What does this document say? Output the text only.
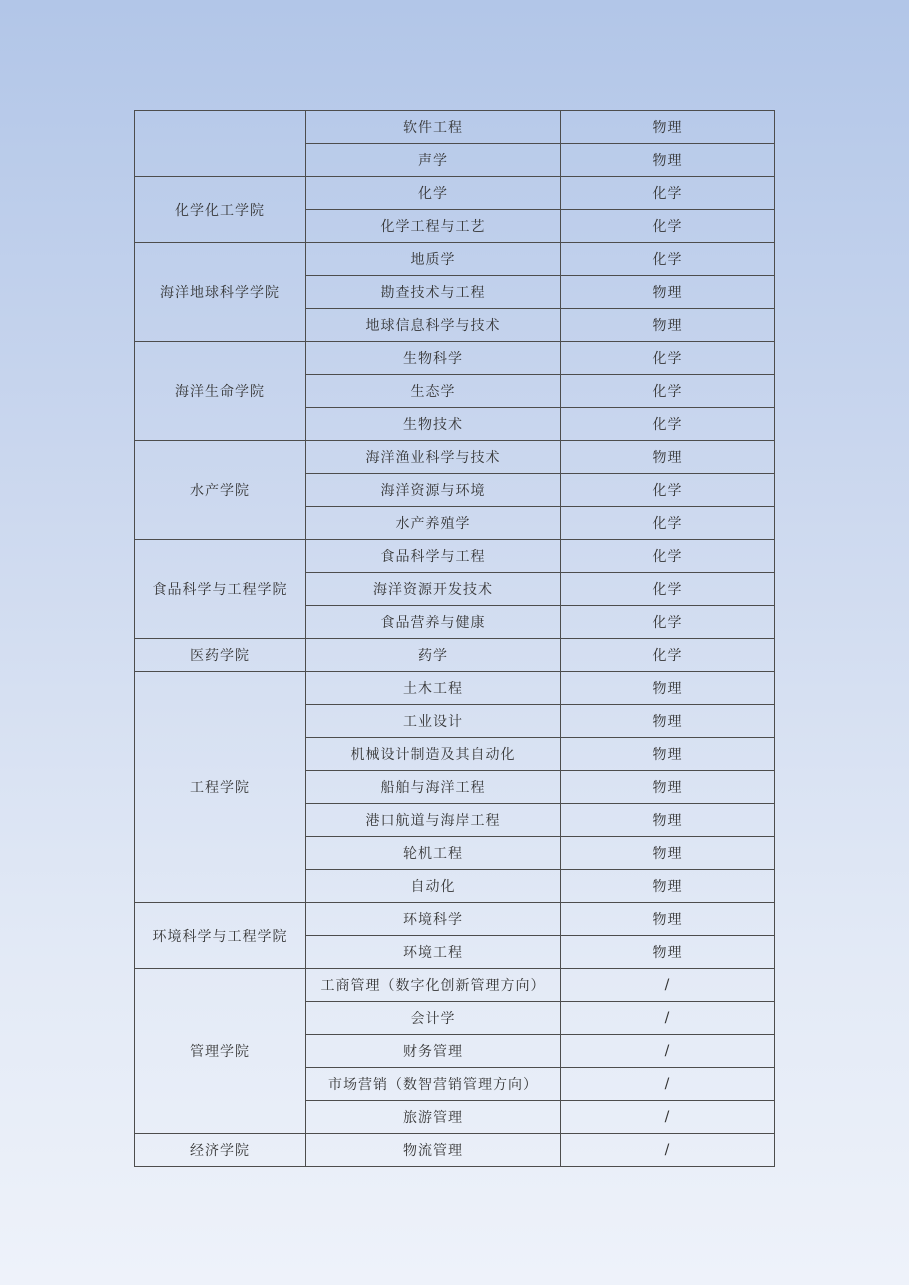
	软件工程	物理
	声学	物理
化学化工学院	化学	化学
	化学工程与工艺	化学
海洋地球科学学院	地质学	化学
	勘查技术与工程	物理
	地球信息科学与技术	物理
海洋生命学院	生物科学	化学
	生态学	化学
	生物技术	化学
水产学院	海洋渔业科学与技术	物理
	海洋资源与环境	化学
	水产养殖学	化学
食品科学与工程学院	食品科学与工程	化学
	海洋资源开发技术	化学
	食品营养与健康	化学
医药学院	药学	化学
工程学院	土木工程	物理
	工业设计	物理
	机械设计制造及其自动化	物理
	船舶与海洋工程	物理
	港口航道与海岸工程	物理
	轮机工程	物理
	自动化	物理
环境科学与工程学院	环境科学	物理
	环境工程	物理
管理学院	工商管理（数字化创新管理方向）	/
	会计学	/
	财务管理	/
	市场营销（数智营销管理方向）	/
	旅游管理	/
经济学院	物流管理	/
